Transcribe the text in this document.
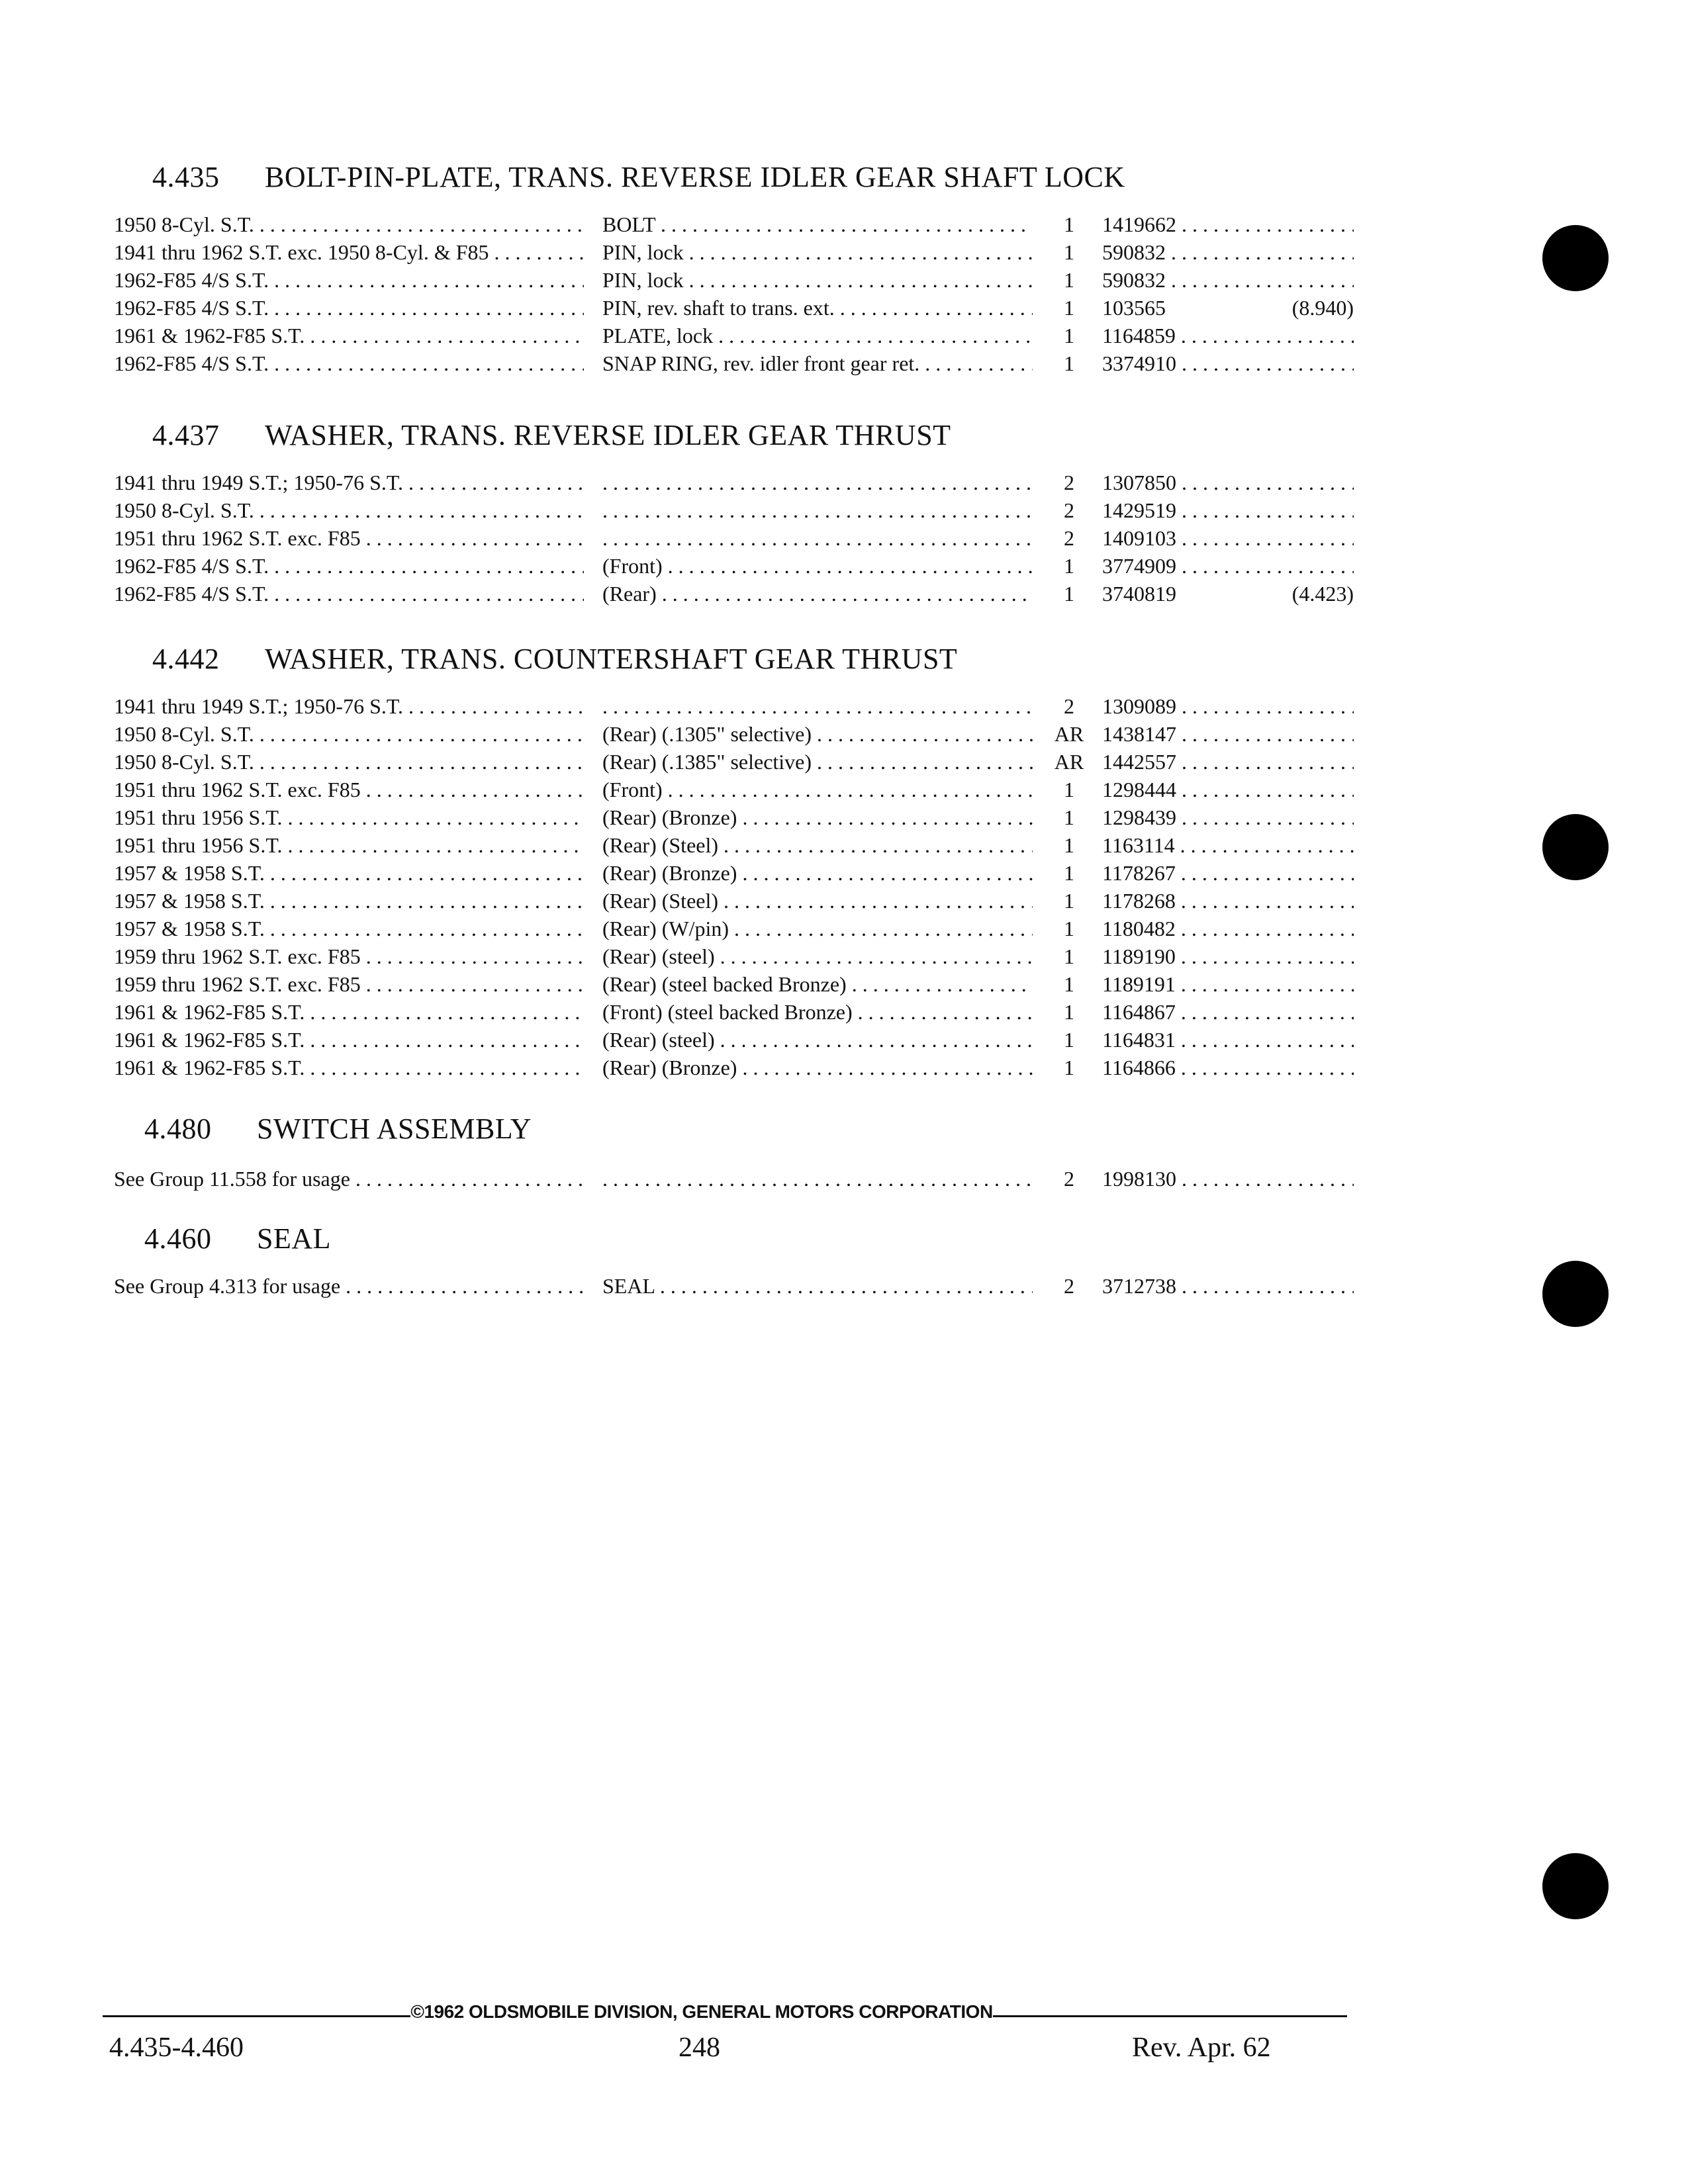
4.435 BOLT-PIN-PLATE, TRANS. REVERSE IDLER GEAR SHAFT LOCK
1950 8-Cyl. S.T. . . .	BOLT . . .	1	1419662 . . .
1941 thru 1962 S.T. exc. 1950 8-Cyl. & F85 . . .	PIN, lock . . .	1	590832 . . .
1962-F85 4/S S.T. . . .	PIN, lock . . .	1	590832 . . .
1962-F85 4/S S.T. . . .	PIN, rev. shaft to trans. ext. . . .	1	103565	(8.940)
1961 & 1962-F85 S.T. . . .	PLATE, lock . . .	1	1164859 . . .
1962-F85 4/S S.T. . . .	SNAP RING, rev. idler front gear ret. . . .	1	3374910 . . .
4.437 WASHER, TRANS. REVERSE IDLER GEAR THRUST
1941 thru 1949 S.T.; 1950-76 S.T. . . . . . .	2	1307850 . . .
1950 8-Cyl. S.T. . . . . . .	2	1429519 . . .
1951 thru 1962 S.T. exc. F85 . . . . . .	2	1409103 . . .
1962-F85 4/S S.T. . . .	(Front) . . .	1	3774909 . . .
1962-F85 4/S S.T. . . .	(Rear) . . .	1	3740819	(4.423)
4.442 WASHER, TRANS. COUNTERSHAFT GEAR THRUST
1941 thru 1949 S.T.; 1950-76 S.T. . . . . . .	2	1309089 . . .
1950 8-Cyl. S.T. . . .	(Rear) (.1305" selective) . . .	AR 1438147 . . .
1950 8-Cyl. S.T. . . .	(Rear) (.1385" selective) . . .	AR 1442557 . . .
1951 thru 1962 S.T. exc. F85 . . .	(Front) . . .	1	1298444 . . .
1951 thru 1956 S.T. . . .	(Rear) (Bronze) . . .	1	1298439 . . .
1951 thru 1956 S.T. . . .	(Rear) (Steel) . . .	1	1163114 . . .
1957 & 1958 S.T. . . .	(Rear) (Bronze) . . .	1	1178267 . . .
1957 & 1958 S.T. . . .	(Rear) (Steel) . . .	1	1178268 . . .
1957 & 1958 S.T. . . .	(Rear) (W/pin) . . .	1	1180482 . . .
1959 thru 1962 S.T. exc. F85 . . .	(Rear) (steel) . . .	1	1189190 . . .
1959 thru 1962 S.T. exc. F85 . . .	(Rear) (steel backed Bronze) . . .	1	1189191 . . .
1961 & 1962-F85 S.T. . . .	(Front) (steel backed Bronze) . . .	1	1164867 . . .
1961 & 1962-F85 S.T. . . .	(Rear) (steel) . . .	1	1164831 . . .
1961 & 1962-F85 S.T. . . .	(Rear) (Bronze) . . .	1	1164866 . . .
4.480 SWITCH ASSEMBLY
See Group 11.558 for usage . . . . . .	2	1998130 . . .
4.460 SEAL
See Group 4.313 for usage . . .	SEAL . . .	2	3712738 . . .
©1962 OLDSMOBILE DIVISION, GENERAL MOTORS CORPORATION
4.435-4.460	248	Rev. Apr. 62
